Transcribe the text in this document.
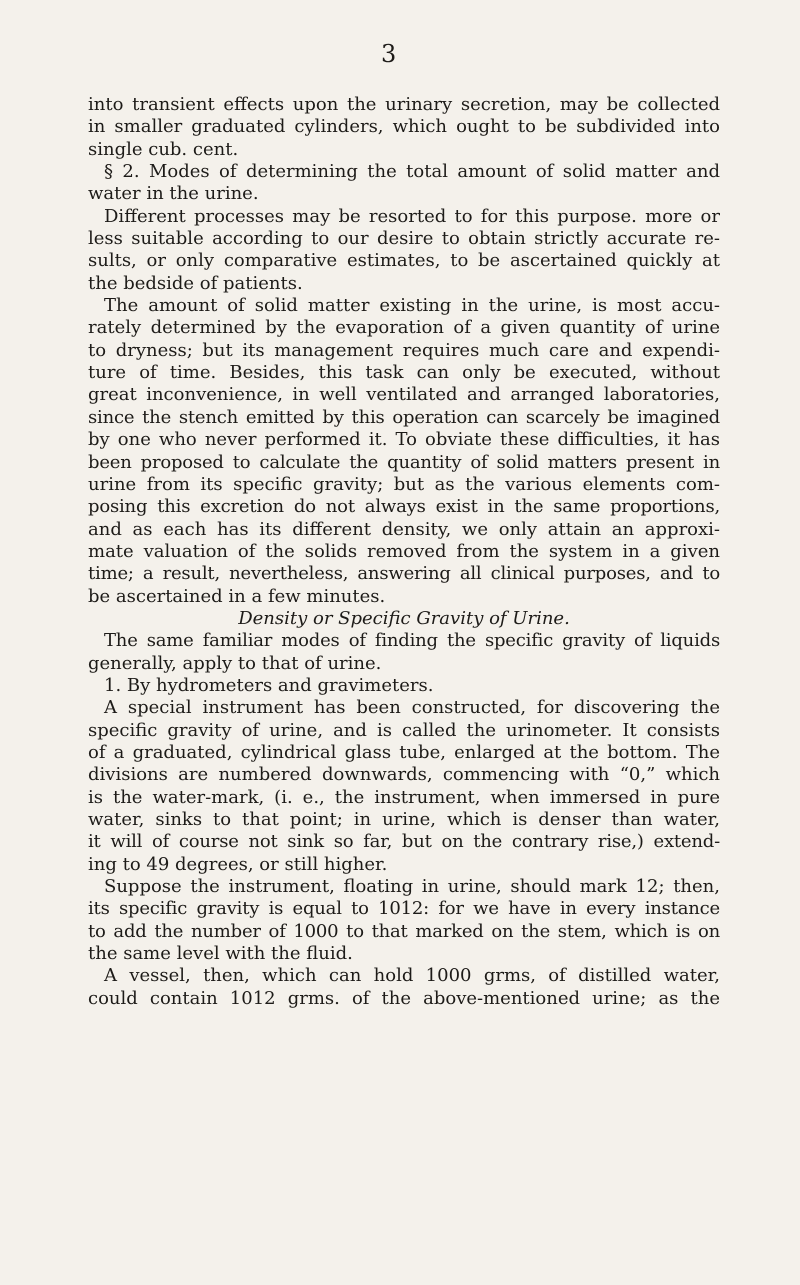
3

into transient effects upon the urinary secretion, may be collected
in smaller graduated cylinders, which ought to be subdivided into
single cub. cent.

§ 2. Modes of determining the total amount of solid matter and
water in the urine.

Different processes may be resorted to for this purpose. more or
less suitable according to our desire to obtain strictly accurate re-
sults, or only comparative estimates, to be ascertained quickly at
the bedside of patients.

The amount of solid matter existing in the urine, is most accu-
rately determined by the evaporation of a given quantity of urine
to dryness; but its management requires much care and expendi-
ture of time. Besides, this task can only be executed, without
great inconvenience, in well ventilated and arranged laboratories,
since the stench emitted by this operation can scarcely be imagined
by one who never performed it. To obviate these difficulties, it has
been proposed to calculate the quantity of solid matters present in
urine from its specific gravity; but as the various elements com-
posing this excretion do not always exist in the same proportions,
and as each has its different density, we only attain an approxi-
mate valuation of the solids removed from the system in a given
time; a result, nevertheless, answering all clinical purposes, and to
be ascertained in a few minutes.

Density or Specific Gravity of Urine.

The same familiar modes of finding the specific gravity of liquids
generally, apply to that of urine.

1. By hydrometers and gravimeters.

A special instrument has been constructed, for discovering the
specific gravity of urine, and is called the urinometer. It consists
of a graduated, cylindrical glass tube, enlarged at the bottom. The
divisions are numbered downwards, commencing with “0,” which
is the water-mark, (i. e., the instrument, when immersed in pure
water, sinks to that point; in urine, which is denser than water,
it will of course not sink so far, but on the contrary rise,) extend-
ing to 49 degrees, or still higher.

Suppose the instrument, floating in urine, should mark 12; then,
its specific gravity is equal to 1012: for we have in every instance
to add the number of 1000 to that marked on the stem, which is on
the same level with the fluid.

A vessel, then, which can hold 1000 grms, of distilled water,
could contain 1012 grms. of the above-mentioned urine; as the
